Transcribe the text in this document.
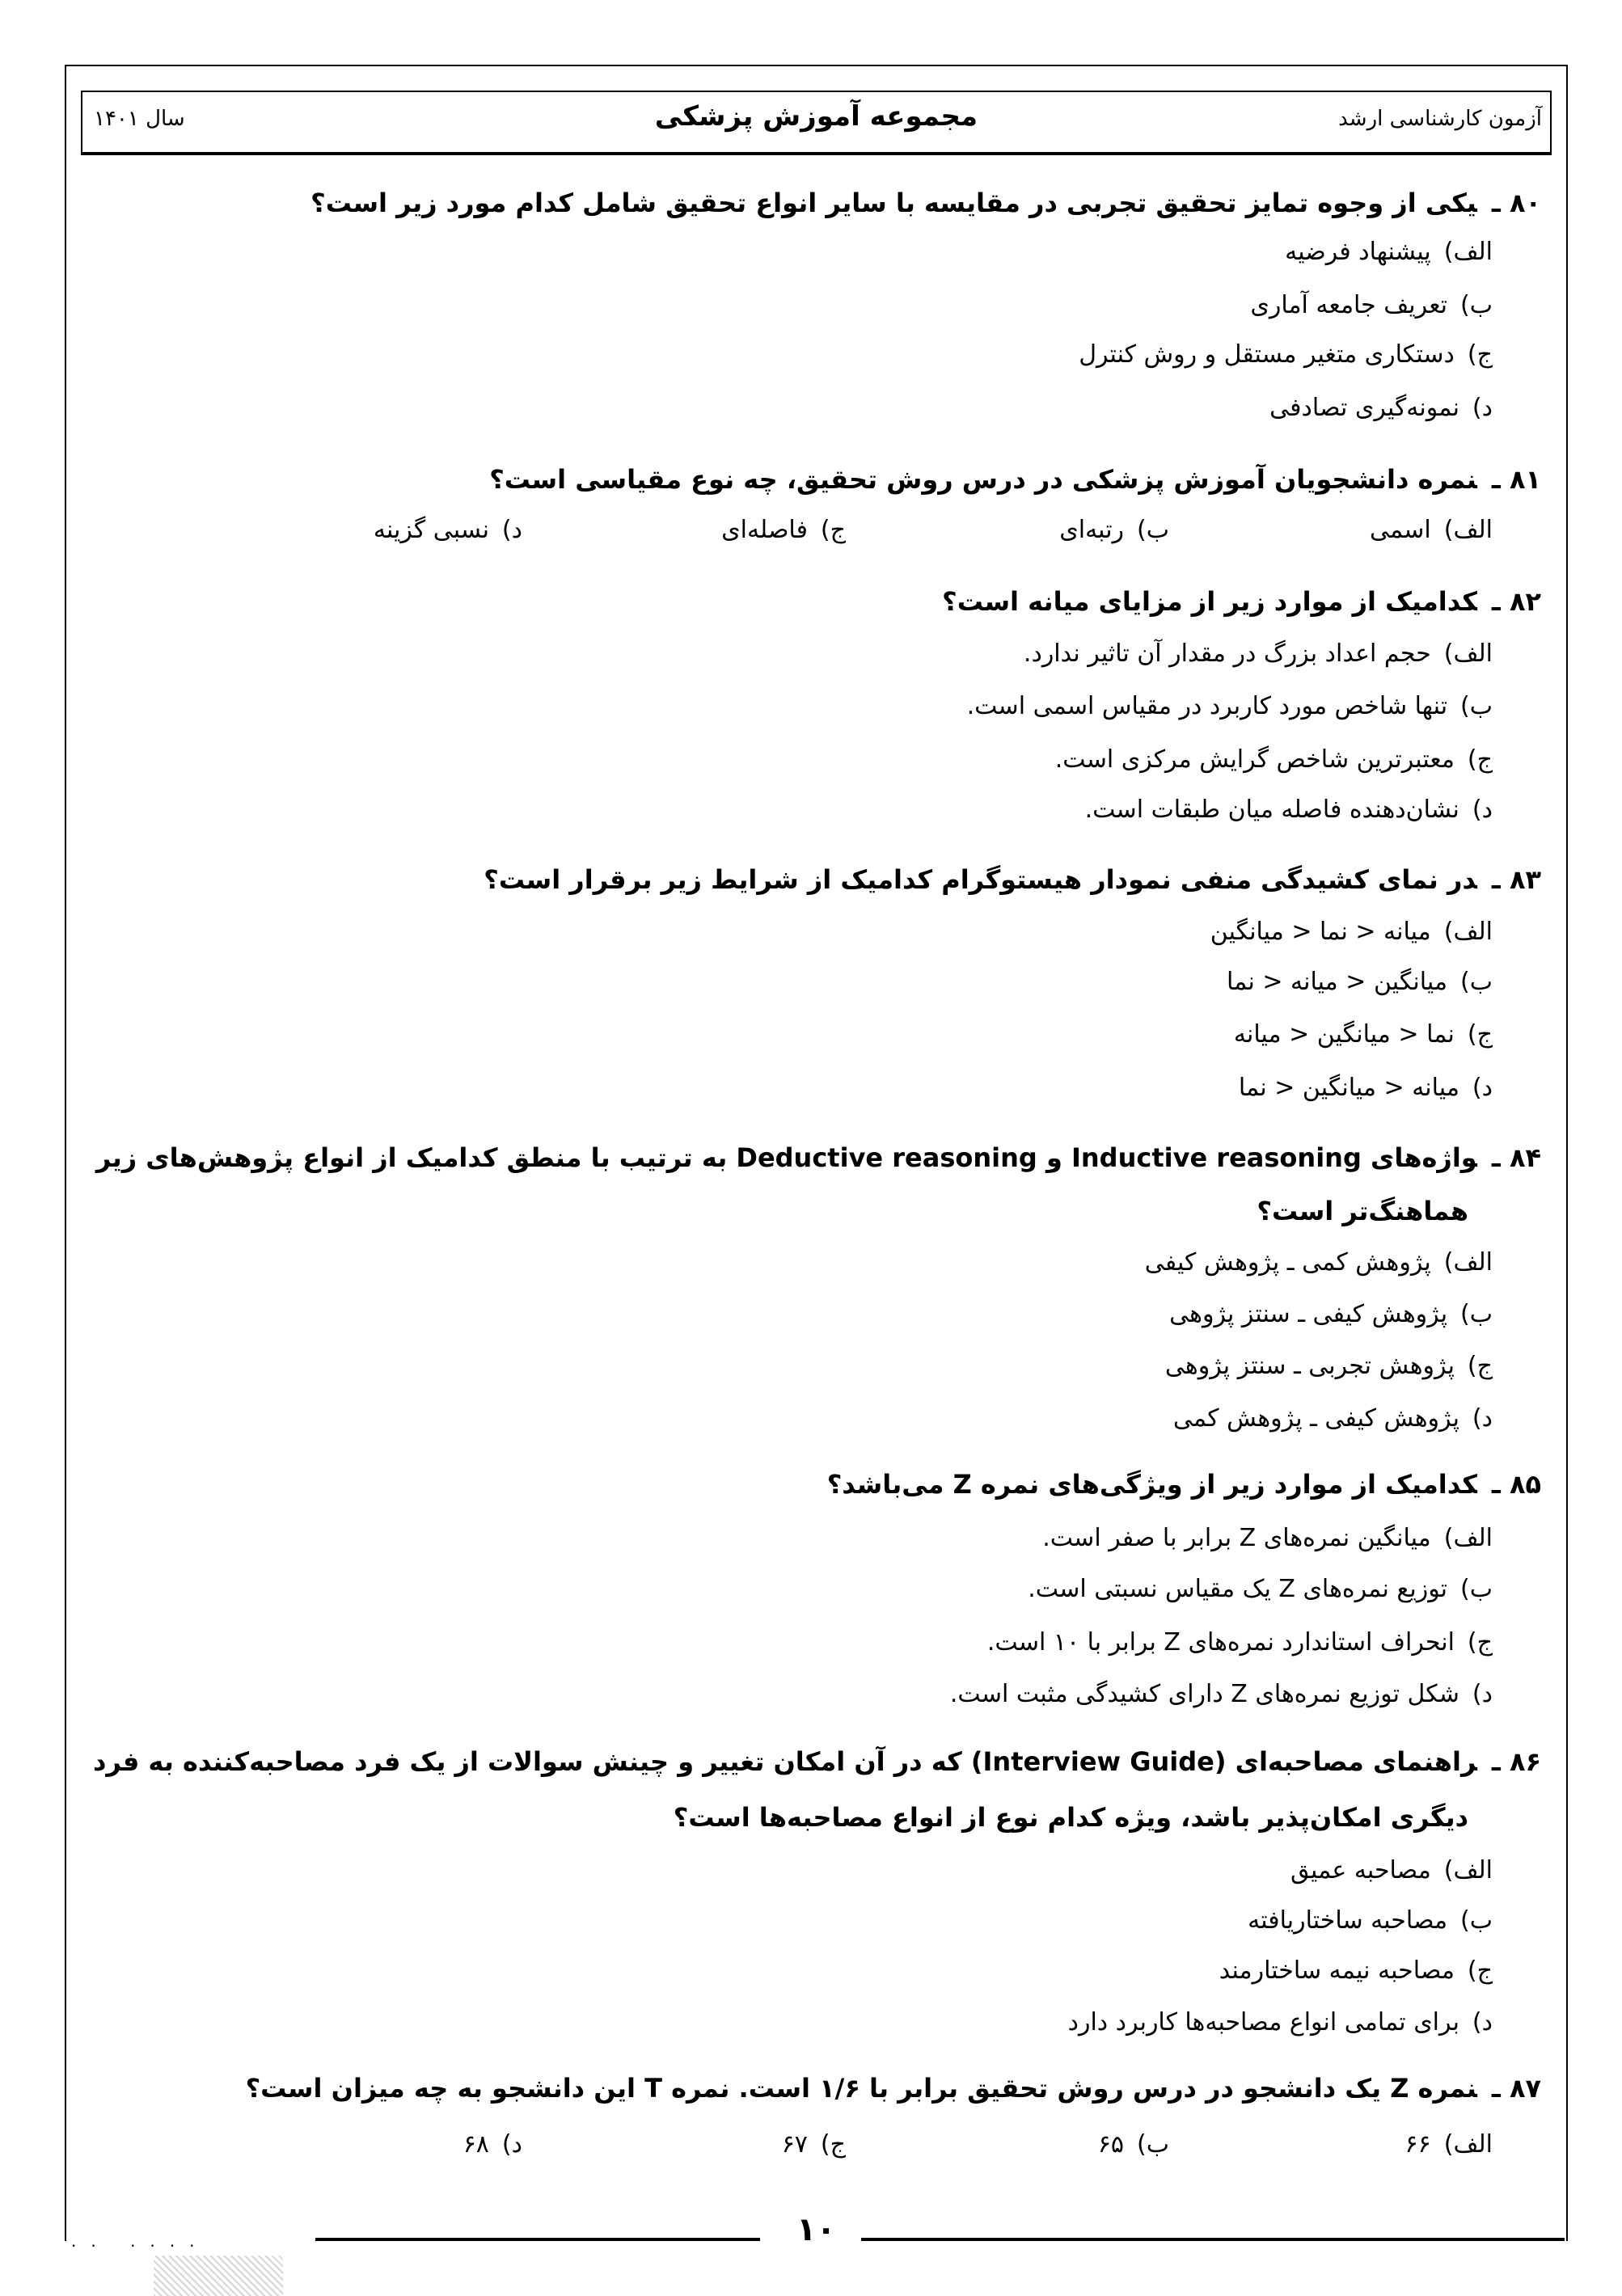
سال ۱۴۰۱	مجموعه آموزش پزشکی	آزمون کارشناسی ارشد
۸۰ ـیکی از وجوه تمایز تحقیق تجربی در مقایسه با سایر انواع تحقیق شامل کدام مورد زیر است؟
الف)پیشنهاد فرضیه
ب)تعریف جامعه آماری
ج)دستکاری متغیر مستقل و روش کنترل
د)نمونه‌گیری تصادفی
۸۱ ـنمره دانشجویان آموزش پزشکی در درس روش تحقیق، چه نوع مقیاسی است؟
الف)اسمی
ب)رتبه‌ای
ج)فاصله‌ای
د)نسبی گزینه
۸۲ ـکدامیک از موارد زیر از مزایای میانه است؟
الف)حجم اعداد بزرگ در مقدار آن تاثیر ندارد.
ب)تنها شاخص مورد کاربرد در مقیاس اسمی است.
ج)معتبرترین شاخص گرایش مرکزی است.
د)نشان‌دهنده فاصله میان طبقات است.
۸۳ ـدر نمای کشیدگی منفی نمودار هیستوگرام کدامیک از شرایط زیر برقرار است؟
الف)میانه < نما < میانگین
ب)میانگین < میانه < نما
ج)نما < میانگین < میانه
د)میانه < میانگین < نما
۸۴ ـواژه‌های Inductive reasoning و Deductive reasoning به ترتیب با منطق کدامیک از انواع پژوهش‌های زیر
هماهنگ‌تر است؟
الف)پژوهش کمی ـ پژوهش کیفی
ب)پژوهش کیفی ـ سنتز پژوهی
ج)پژوهش تجربی ـ سنتز پژوهی
د)پژوهش کیفی ـ پژوهش کمی
۸۵ ـکدامیک از موارد زیر از ویژگی‌های نمره Z می‌باشد؟
الف)میانگین نمره‌های Z برابر با صفر است.
ب)توزیع نمره‌های Z یک مقیاس نسبتی است.
ج)انحراف استاندارد نمره‌های Z برابر با ۱۰ است.
د)شکل توزیع نمره‌های Z دارای کشیدگی مثبت است.
۸۶ ـراهنمای مصاحبه‌ای (Interview Guide) که در آن امکان تغییر و چینش سوالات از یک فرد مصاحبه‌کننده به فرد
دیگری امکان‌پذیر باشد، ویژه کدام نوع از انواع مصاحبه‌ها است؟
الف)مصاحبه عمیق
ب)مصاحبه ساختاریافته
ج)مصاحبه نیمه ساختارمند
د)برای تمامی انواع مصاحبه‌ها کاربرد دارد
۸۷ ـنمره Z یک دانشجو در درس روش تحقیق برابر با ۱/۶ است. نمره T این دانشجو به چه میزان است؟
الف)۶۶
ب)۶۵
ج)۶۷
د)۶۸
۱۰
·· ····
